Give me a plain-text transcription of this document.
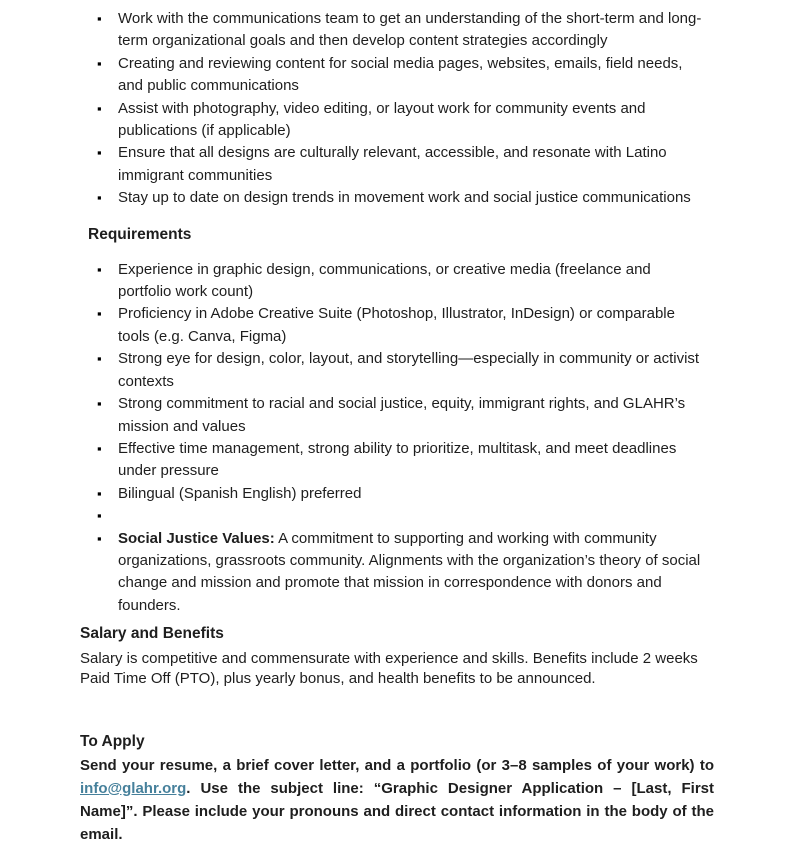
▪	Work with the communications team to get an understanding of the short-term and long-term organizational goals and then develop content strategies accordingly
▪	Creating and reviewing content for social media pages, websites, emails, field needs, and public communications
▪	Assist with photography, video editing, or layout work for community events and publications (if applicable)
▪	Ensure that all designs are culturally relevant, accessible, and resonate with Latino immigrant communities
▪	Stay up to date on design trends in movement work and social justice communications
Requirements
▪	Experience in graphic design, communications, or creative media (freelance and portfolio work count)
▪	Proficiency in Adobe Creative Suite (Photoshop, Illustrator, InDesign) or comparable tools (e.g. Canva, Figma)
▪	Strong eye for design, color, layout, and storytelling—especially in community or activist contexts
▪	Strong commitment to racial and social justice, equity, immigrant rights, and GLAHR’s mission and values
▪	Effective time management, strong ability to prioritize, multitask, and meet deadlines under pressure
▪	Bilingual (Spanish English) preferred
▪
▪	Social Justice Values: A commitment to supporting and working with community organizations, grassroots community. Alignments with the organization’s theory of social change and mission and promote that mission in correspondence with donors and founders.
Salary and Benefits

Salary is competitive and commensurate with experience and skills. Benefits include 2 weeks Paid Time Off (PTO), plus yearly bonus, and health benefits to be announced.

To Apply

Send your resume, a brief cover letter, and a portfolio (or 3–8 samples of your work) to info@glahr.org. Use the subject line: “Graphic Designer Application – [Last, First Name]”. Please include your pronouns and direct contact information in the body of the email.
